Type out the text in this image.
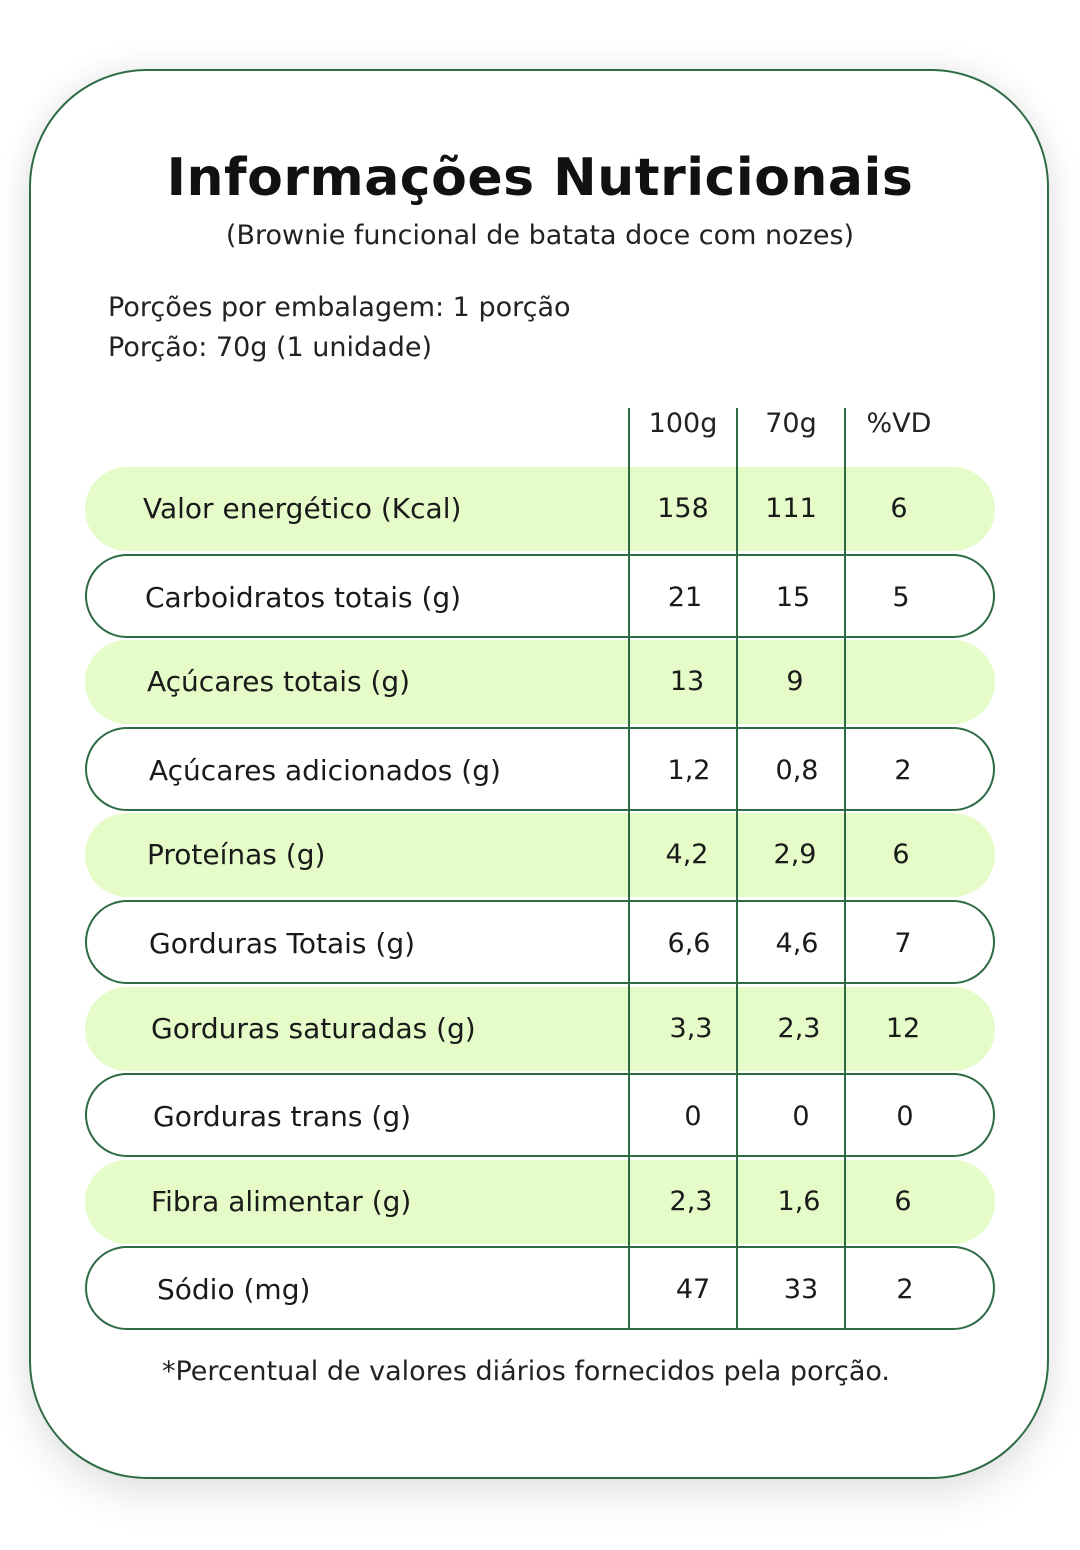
Informações Nutricionais
(Brownie funcional de batata doce com nozes)
Porções por embalagem: 1 porção
Porção: 70g (1 unidade)
100g	70g	%VD
Valor energético (Kcal)	158	111	6
Carboidratos totais (g)	21	15	5
Açúcares totais (g)	13	9
Açúcares adicionados (g)	1,2	0,8	2
Proteínas (g)	4,2	2,9	6
Gorduras Totais (g)	6,6	4,6	7
Gorduras saturadas (g)	3,3	2,3	12
Gorduras trans (g)	0	0	0
Fibra alimentar (g)	2,3	1,6	6
Sódio (mg)	47	33	2
*Percentual de valores diários fornecidos pela porção.
